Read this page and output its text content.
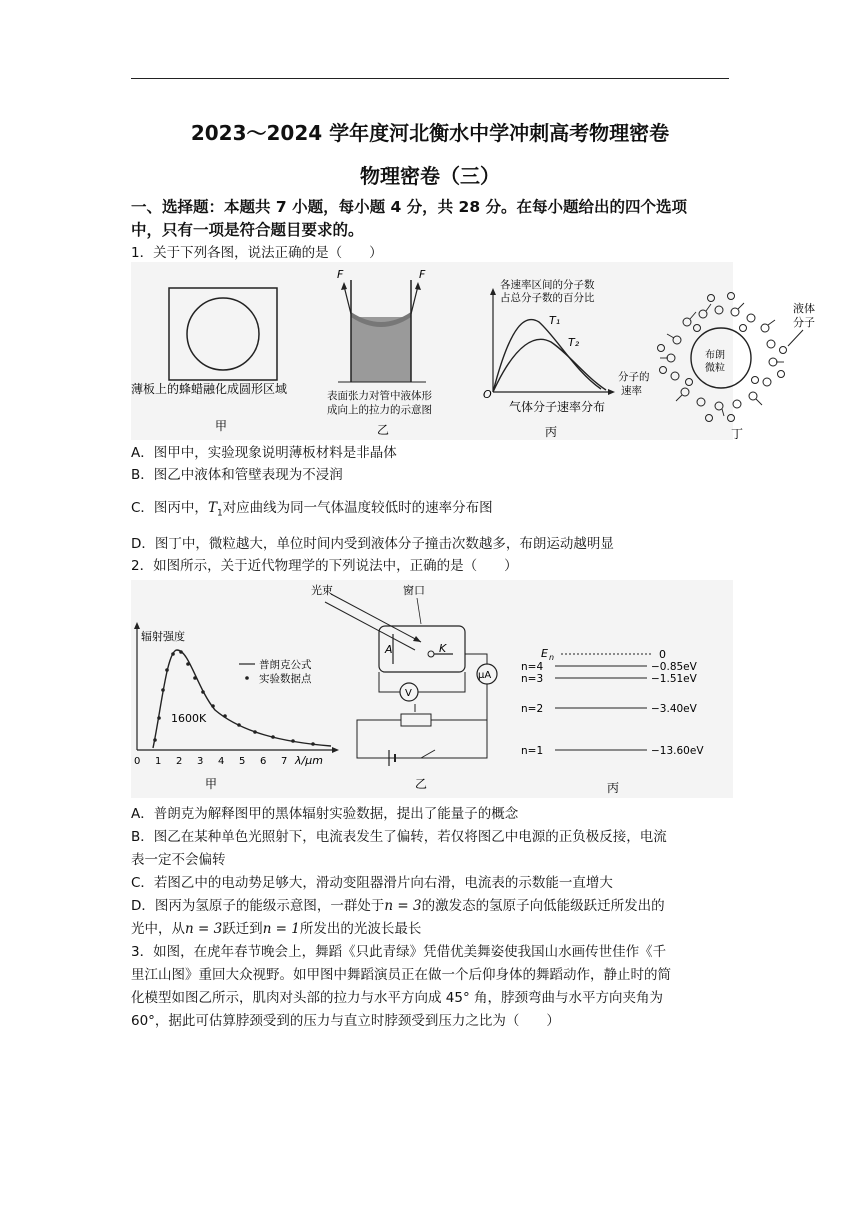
2023～2024 学年度河北衡水中学冲刺高考物理密卷
物理密卷（三）
一、选择题：本题共 7 小题，每小题 4 分，共 28 分。在每小题给出的四个选项
中，只有一项是符合题目要求的。
1．关于下列各图，说法正确的是（　　）
薄板上的蜂蜡融化成圆形区域
甲
F	F
表面张力对管中液体形
成向上的拉力的示意图
乙
各速率区间的分子数
占总分子数的百分比
T₁
T₂
O
分子的
速率
气体分子速率分布
丙
布朗
微粒
液体
分子
丁
A．图甲中，实验现象说明薄板材料是非晶体
B．图乙中液体和管壁表现为不浸润
C．图丙中，$T_1$对应曲线为同一气体温度较低时的速率分布图
D．图丁中，微粒越大，单位时间内受到液体分子撞击次数越多，布朗运动越明显
2．如图所示，关于近代物理学的下列说法中，正确的是（　　）
辐射强度
普朗克公式
实验数据点
1600K
0 1 2 3 4 5 6 7 λ/μm
甲
光束	窗口
A	K
μA
V
乙
E n	0
n=4	−0.85eV
n=3	−1.51eV
n=2	−3.40eV
n=1	−13.60eV
丙
A．普朗克为解释图甲的黑体辐射实验数据，提出了能量子的概念
B．图乙在某种单色光照射下，电流表发生了偏转，若仅将图乙中电源的正负极反接，电流
表一定不会偏转
C．若图乙中的电动势足够大，滑动变阻器滑片向右滑，电流表的示数能一直增大
D．图丙为氢原子的能级示意图，一群处于n = 3的激发态的氢原子向低能级跃迁所发出的
光中，从n = 3跃迁到n = 1所发出的光波长最长
3．如图，在虎年春节晚会上，舞蹈《只此青绿》凭借优美舞姿使我国山水画传世佳作《千
里江山图》重回大众视野。如甲图中舞蹈演员正在做一个后仰身体的舞蹈动作，静止时的简
化模型如图乙所示，肌肉对头部的拉力与水平方向成 45° 角，脖颈弯曲与水平方向夹角为
60°，据此可估算脖颈受到的压力与直立时脖颈受到压力之比为（　　）
